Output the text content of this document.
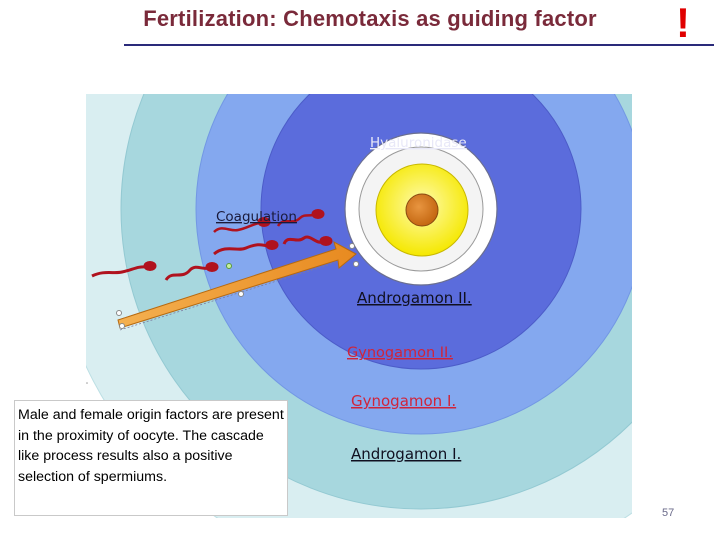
Fertilization: Chemotaxis as guiding factor	!
Hyaluronidase
Coagulation
Androgamon II.
Gynogamon II.
Gynogamon I.
Androgamon I.
Male and female origin factors are present in the proximity of oocyte. The cascade like process results also a positive selection of spermiums.
57
